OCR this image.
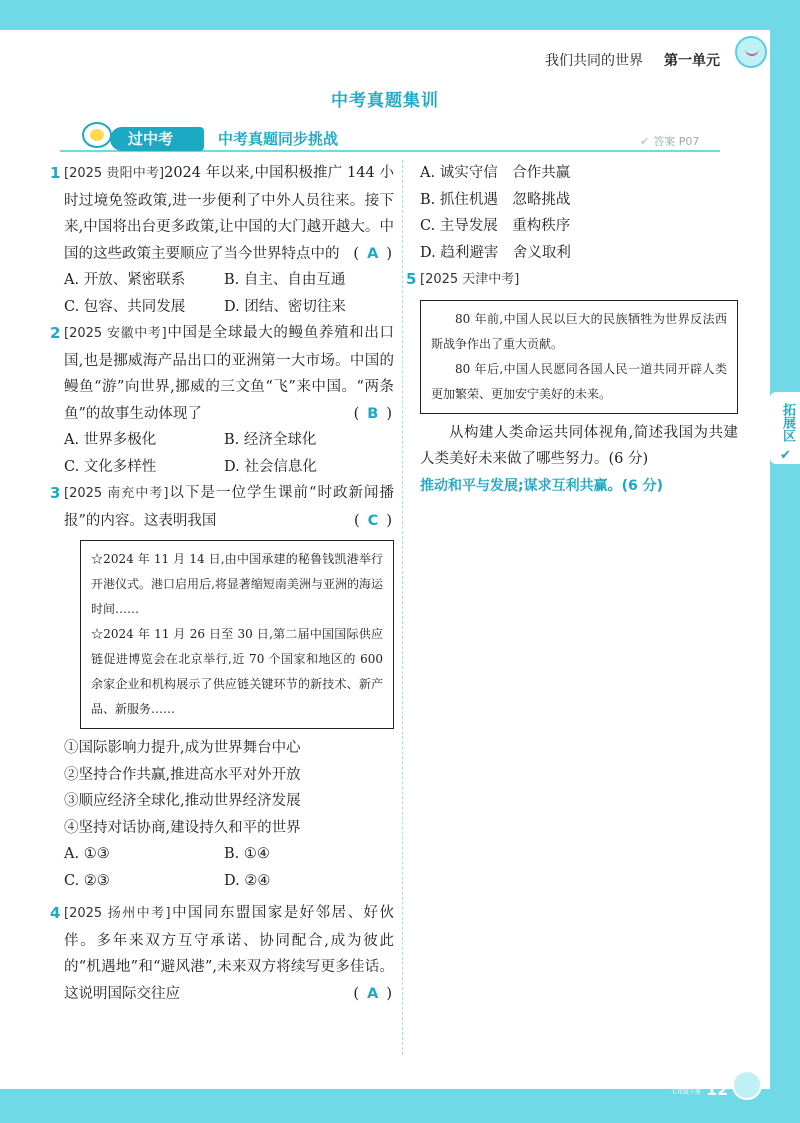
我们共同的世界 第一单元
中考真题集训
过中考	中考真题同步挑战	✔ 答案 P07
1 [2025 贵阳中考]2024 年以来,中国积极推广 144 小时过境免签政策,进一步便利了中外人员往来。接下来,中国将出台更多政策,让中国的大门越开越大。中国的这些政策主要顺应了当今世界特点中的 ( A )
A. 开放、紧密联系	B. 自主、自由互通
C. 包容、共同发展	D. 团结、密切往来
2 [2025 安徽中考]中国是全球最大的鳗鱼养殖和出口国,也是挪威海产品出口的亚洲第一大市场。中国的鳗鱼“游”向世界,挪威的三文鱼“飞”来中国。“两条鱼”的故事生动体现了	( B )
A. 世界多极化	B. 经济全球化
C. 文化多样性	D. 社会信息化
3 [2025 南充中考]以下是一位学生课前“时政新闻播报”的内容。这表明我国	( C )

☆2024 年 11 月 14 日,由中国承建的秘鲁钱凯港举行开港仪式。港口启用后,将显著缩短南美洲与亚洲的海运时间……

☆2024 年 11 月 26 日至 30 日,第二届中国国际供应链促进博览会在北京举行,近 70 个国家和地区的 600 余家企业和机构展示了供应链关键环节的新技术、新产品、新服务……

①国际影响力提升,成为世界舞台中心
②坚持合作共赢,推进高水平对外开放
③顺应经济全球化,推动世界经济发展
④坚持对话协商,建设持久和平的世界
A. ①③	B. ①④
C. ②③	D. ②④
4 [2025 扬州中考]中国同东盟国家是好邻居、好伙伴。多年来双方互守承诺、协同配合,成为彼此的“机遇地”和“避风港”,未来双方将续写更多佳话。这说明国际交往应	( A )
A. 诚实守信　合作共赢
B. 抓住机遇　忽略挑战
C. 主导发展　重构秩序
D. 趋利避害　舍义取利
5 [2025 天津中考]

80 年前,中国人民以巨大的民族牺牲为世界反法西斯战争作出了重大贡献。

80 年后,中国人民愿同各国人民一道共同开辟人类更加繁荣、更加安宁美好的未来。

从构建人类命运共同体视角,简述我国为共建人类美好未来做了哪些努力。(6 分)
推动和平与发展;谋求互利共赢。(6 分)
拓展区
✔
七年级下册 12
